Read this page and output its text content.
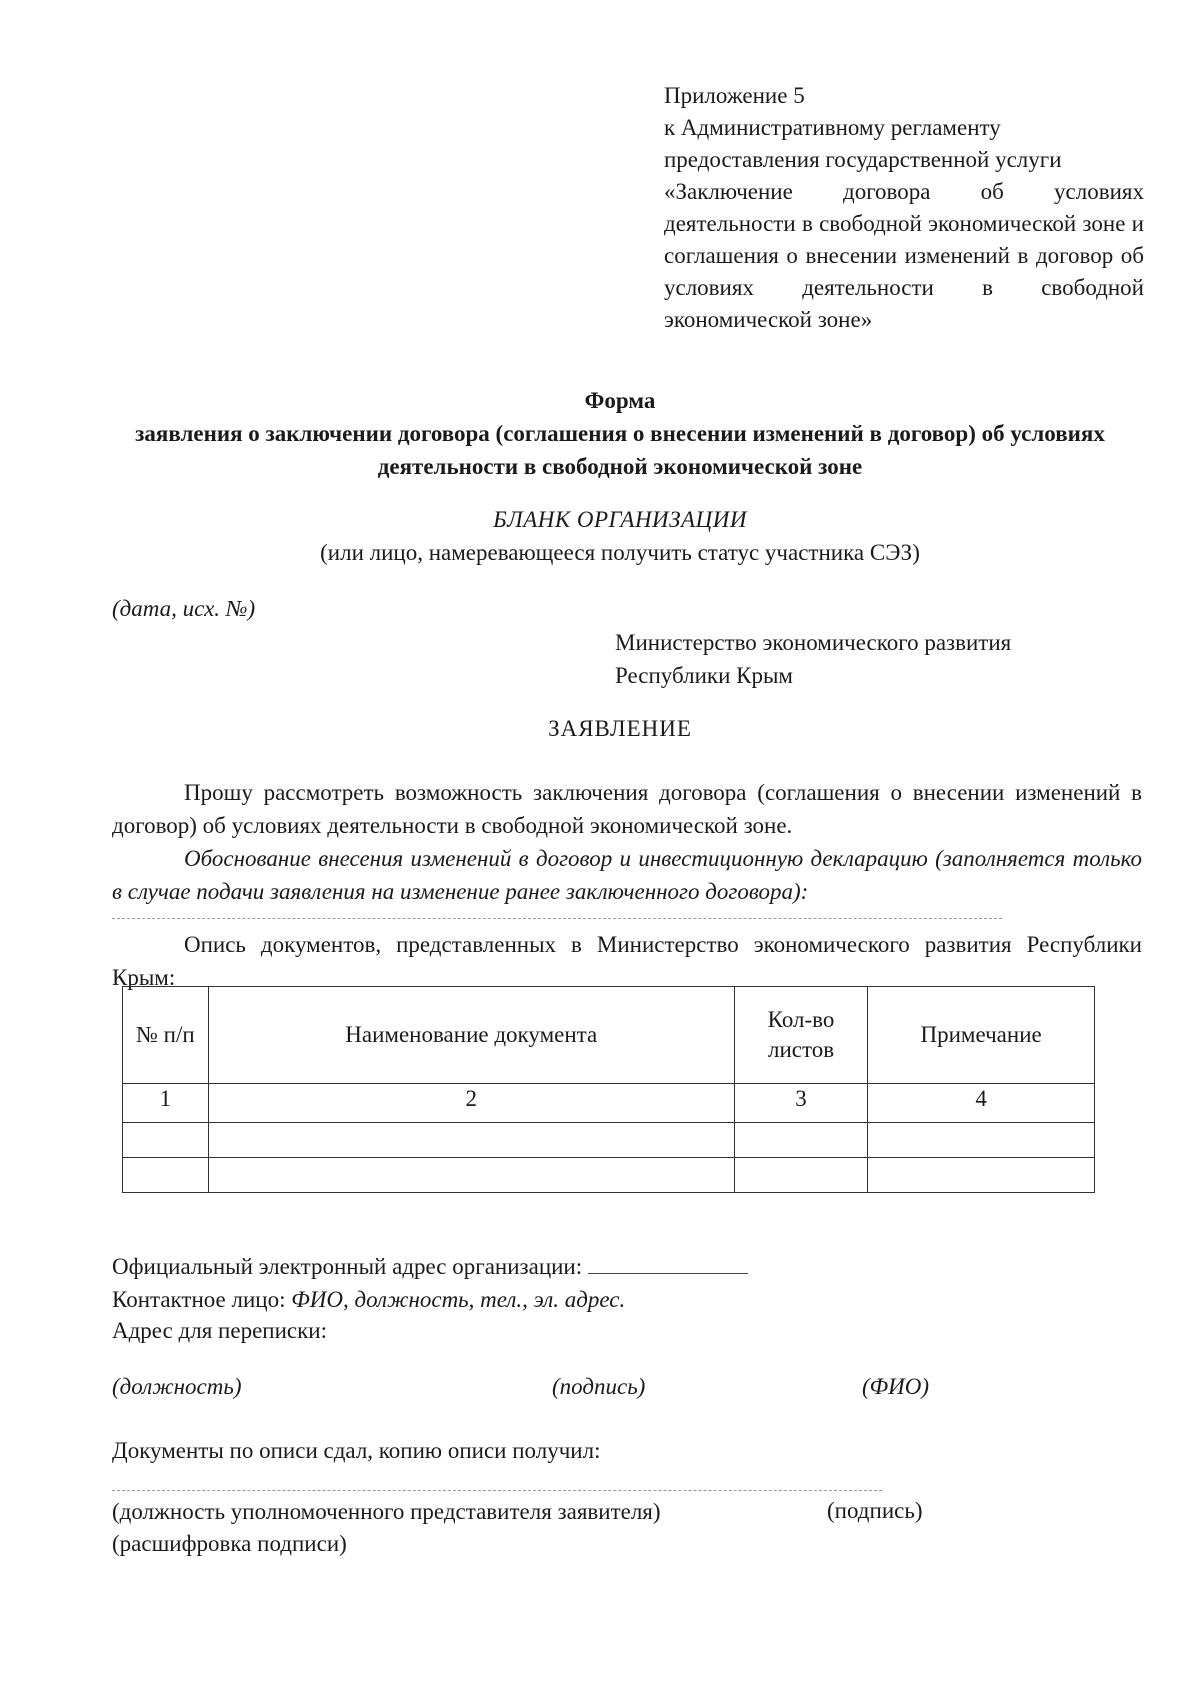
Приложение 5
к Административному регламенту
предоставления государственной услуги
«Заключение договора об условиях деятельности в свободной экономической зоне и соглашения о внесении изменений в договор об условиях деятельности в свободной экономической зоне»
Форма
заявления о заключении договора (соглашения о внесении изменений в договор) об условиях деятельности в свободной экономической зоне
БЛАНК ОРГАНИЗАЦИИ
(или лицо, намеревающееся получить статус участника СЭЗ)
(дата, исх. №)
Министерство экономического развития
Республики Крым
ЗАЯВЛЕНИЕ
Прошу рассмотреть возможность заключения договора (соглашения о внесении изменений в договор) об условиях деятельности в свободной экономической зоне.
Обоснование внесения изменений в договор и инвестиционную декларацию (заполняется только в случае подачи заявления на изменение ранее заключенного договора):
Опись документов, представленных в Министерство экономического развития Республики Крым:
№ п/п	Наименование документа	Кол-во листов	Примечание
1	2	3	4

Официальный электронный адрес организации:
Контактное лицо: ФИО, должность, тел., эл. адрес.
Адрес для переписки:
(должность)	(подпись)	(ФИО)
Документы по описи сдал, копию описи получил:
(должность уполномоченного представителя заявителя)
(расшифровка подписи)
(подпись)
